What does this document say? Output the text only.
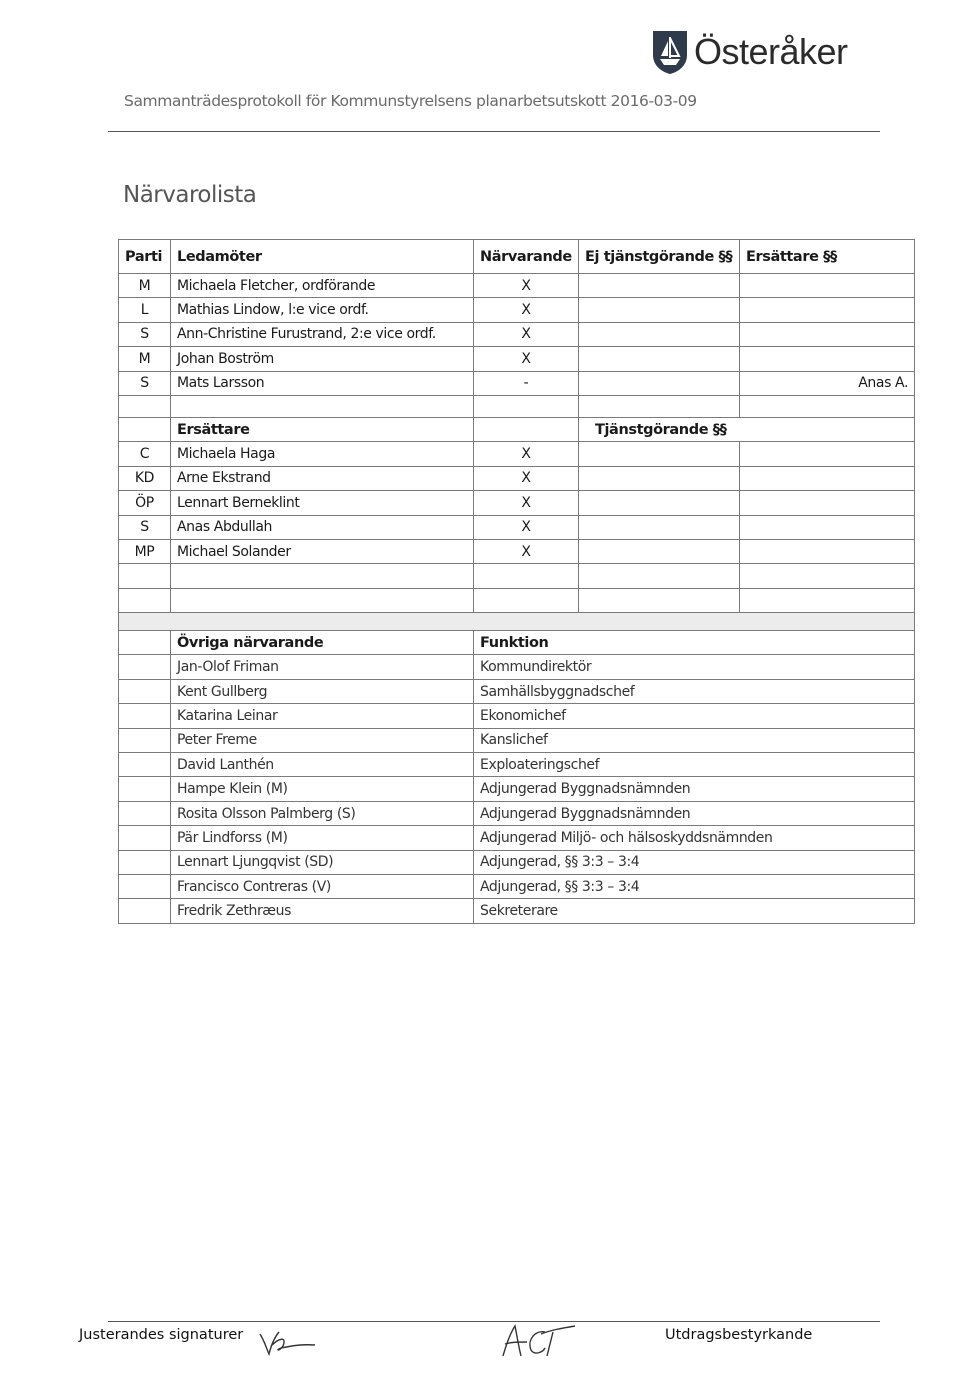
Österåker
Sammanträdesprotokoll för Kommunstyrelsens planarbetsutskott 2016-03-09
Närvarolista
Parti	Ledamöter	Närvarande	Ej tjänstgörande §§	Ersättare §§
M	Michaela Fletcher, ordförande	X		
L	Mathias Lindow, l:e vice ordf.	X		
S	Ann-Christine Furustrand, 2:e vice ordf.	X		
M	Johan Boström	X		
S	Mats Larsson	-		Anas A.

	Ersättare		Tjänstgörande §§	
C	Michaela Haga	X		
KD	Arne Ekstrand	X		
ÖP	Lennart Berneklint	X		
S	Anas Abdullah	X		
MP	Michael Solander	X		

	Övriga närvarande	Funktion		
	Jan-Olof Friman	Kommundirektör		
	Kent Gullberg	Samhällsbyggnadschef		
	Katarina Leinar	Ekonomichef		
	Peter Freme	Kanslichef		
	David Lanthén	Exploateringschef		
	Hampe Klein (M)	Adjungerad Byggnadsnämnden		
	Rosita Olsson Palmberg (S)	Adjungerad Byggnadsnämnden		
	Pär Lindforss (M)	Adjungerad Miljö- och hälsoskyddsnämnden		
	Lennart Ljungqvist (SD)	Adjungerad, §§ 3:3 – 3:4		
	Francisco Contreras (V)	Adjungerad, §§ 3:3 – 3:4		
	Fredrik Zethræus	Sekreterare		
Justerandes signaturer	Utdragsbestyrkande
